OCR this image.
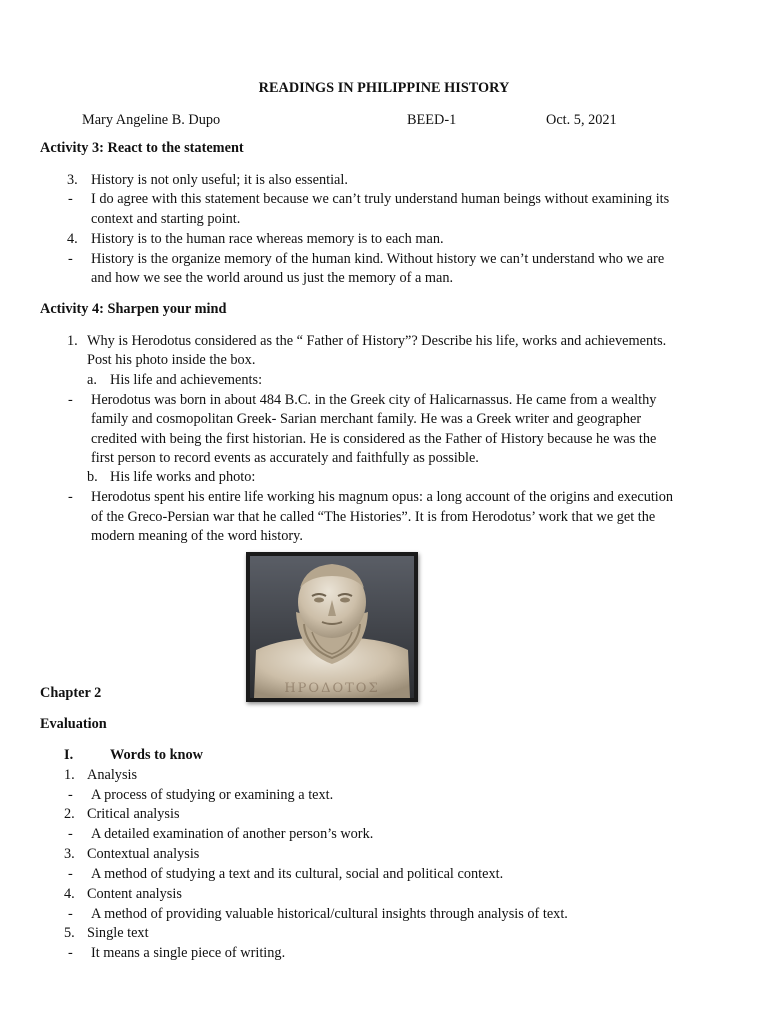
READINGS IN PHILIPPINE HISTORY
Mary Angeline B. Dupo	BEED-1	Oct. 5, 2021
Activity 3: React to the statement
3. History is not only useful; it is also essential.
- I do agree with this statement because we can’t truly understand human beings without examining its
context and starting point.
4. History is to the human race whereas memory is to each man.
- History is the organize memory of the human kind. Without history we can’t understand who we are
and how we see the world around us just the memory of a man.
Activity 4: Sharpen your mind
1. Why is Herodotus considered as the “ Father of History”? Describe his life, works and achievements.
Post his photo inside the box.
a. His life and achievements:
- Herodotus was born in about 484 B.C. in the Greek city of Halicarnassus. He came from a wealthy
family and cosmopolitan Greek- Sarian merchant family. He was a Greek writer and geographer
credited with being the first historian. He is considered as the Father of History because he was the
first person to record events as accurately and faithfully as possible.
b. His life works and photo:
- Herodotus spent his entire life working his magnum opus: a long account of the origins and execution
of the Greco-Persian war that he called “The Histories”. It is from Herodotus’ work that we get the
modern meaning of the word history.
ΗΡΟΔΟΤΟΣ
Chapter 2
Evaluation
I.	Words to know
1. Analysis
- A process of studying or examining a text.
2. Critical analysis
- A detailed examination of another person’s work.
3. Contextual analysis
- A method of studying a text and its cultural, social and political context.
4. Content analysis
- A method of providing valuable historical/cultural insights through analysis of text.
5. Single text
- It means a single piece of writing.
